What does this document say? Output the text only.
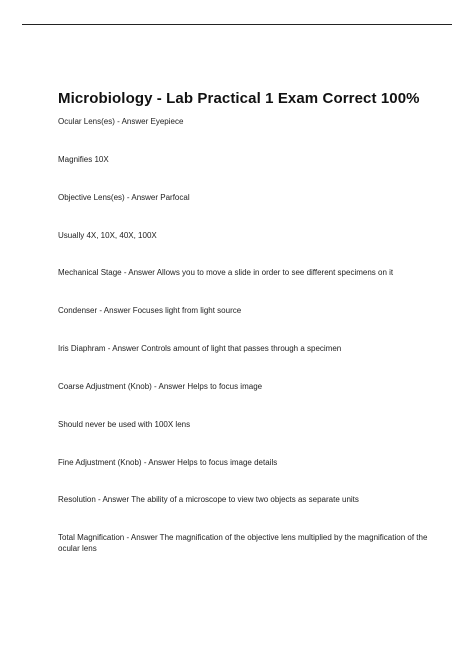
Microbiology - Lab Practical 1 Exam Correct 100%

Ocular Lens(es) - Answer Eyepiece

Magnifies 10X

Objective Lens(es) - Answer Parfocal

Usually 4X, 10X, 40X, 100X

Mechanical Stage - Answer Allows you to move a slide in order to see different specimens on it

Condenser - Answer Focuses light from light source

Iris Diaphram - Answer Controls amount of light that passes through a specimen

Coarse Adjustment (Knob) - Answer Helps to focus image

Should never be used with 100X lens

Fine Adjustment (Knob) - Answer Helps to focus image details

Resolution - Answer The ability of a microscope to view two objects as separate units

Total Magnification - Answer The magnification of the objective lens multiplied by the magnification of the ocular lens
